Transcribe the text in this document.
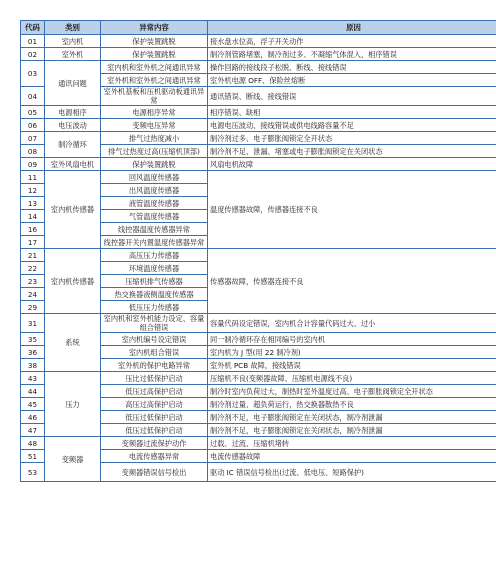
代码	类别	异常内容	原因
01	室内机	保护装置跳脱	接水盘水位高，浮子开关动作
02	室外机	保护装置跳脱	制冷剂管路堵塞，制冷剂过多、不凝缩气体混入，相序错误
03	通讯问题	室内机和室外机之间通讯异常	操作回路的接线段子松脱、断线、接线错误
		室外机和室外机之间通讯异常	室外机电源 OFF、保险丝熔断
04		室外机基板和压机驱动板通讯异常	通讯错误、断线、接线错误
05	电源相序	电源相序异常	相序错误、缺相
06	电压波动	变频电压异常	电源电压波动、接线错误或供电线路容量不足
07	制冷循环	排气过热度减小	制冷剂过多、电子膨胀阀锁定全开状态
08		排气过热度过高(压缩机顶部)	制冷剂不足、泄漏、堵塞或电子膨胀阀锁定在关闭状态
09	室外风扇电机	保护装置跳脱	风扇电机故障
11	室内机传感器	回风温度传感器	温度传感器故障，传感器连接不良
12		出风温度传感器	
13		液管温度传感器	
14		气管温度传感器	
16		线控器温度传感器异常	
17		线控器开关内置温度传感器异常	
21	室内机传感器	高压压力传感器	传感器故障，传感器连接不良
22		环境温度传感器	
23		压缩机排气传感器	
24		热交换器液侧温度传感器	
29		低压压力传感器	
31	系统	室内机和室外机能力设定、容量组合错误	容量代码设定错误，室内机合计容量代码过大、过小
35		室内机编号设定错误	同一制冷循环存在相同编号的室内机
36		室内机组合错误	室内机为 J 型(用 22 制冷剂)
38		室外机的保护电路异常	室外机 PCB 故障，接线错误
43	压力	压比过低保护启动	压缩机不良(变频器故障、压缩机电源线不良)
44		低压过高保护启动	制冷时室内负荷过大，制热时室外温度过高、电子膨胀阀锁定全开状态
45		高压过高保护启动	制冷剂过量、超负荷运行，热交换器散热不良
46		低压过低保护启动	制冷剂不足，电子膨胀阀锁定在关闭状态，制冷剂泄漏
47		低压过低保护启动	制冷剂不足，电子膨胀阀锁定在关闭状态，制冷剂泄漏
48	变频器	变频器过流保护动作	过载、过流、压缩机堵转
51		电流传感器异常	电流传感器故障
53		变频器错误信号检出	驱动 IC 错误信号检出(过流、低电压、短路保护)
